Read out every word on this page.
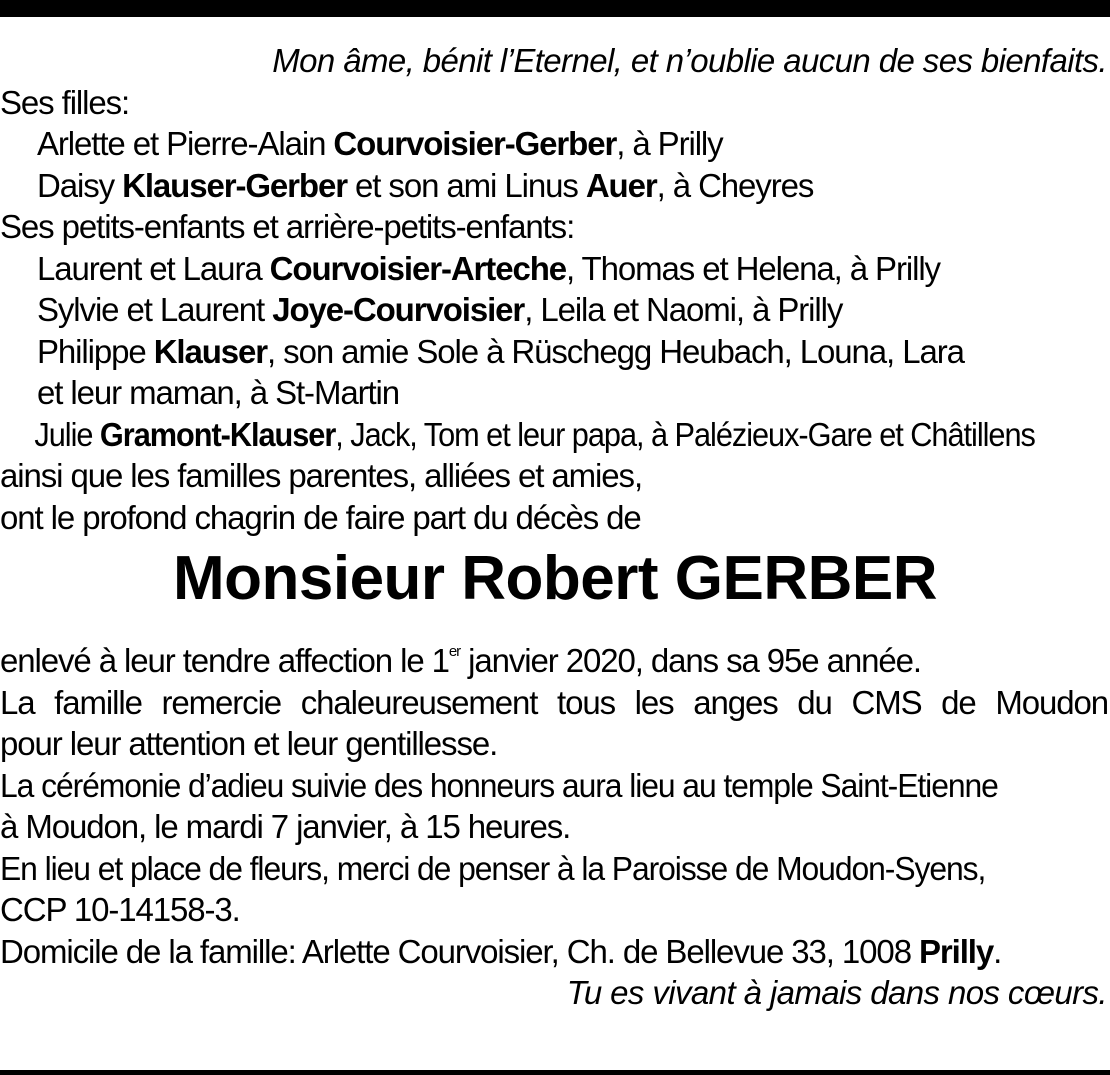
Mon âme, bénit l’Eternel, et n’oublie aucun de ses bienfaits.
Ses filles:
Arlette et Pierre-Alain Courvoisier-Gerber, à Prilly
Daisy Klauser-Gerber et son ami Linus Auer, à Cheyres
Ses petits-enfants et arrière-petits-enfants:
Laurent et Laura Courvoisier-Arteche, Thomas et Helena, à Prilly
Sylvie et Laurent Joye-Courvoisier, Leila et Naomi, à Prilly
Philippe Klauser, son amie Sole à Rüschegg Heubach, Louna, Lara
et leur maman, à St-Martin
Julie Gramont-Klauser, Jack, Tom et leur papa, à Palézieux-Gare et Châtillens
ainsi que les familles parentes, alliées et amies,
ont le profond chagrin de faire part du décès de
Monsieur Robert GERBER
enlevé à leur tendre affection le 1er janvier 2020, dans sa 95e année.
La famille remercie chaleureusement tous les anges du CMS de Moudon
pour leur attention et leur gentillesse.
La cérémonie d’adieu suivie des honneurs aura lieu au temple Saint-Etienne
à Moudon, le mardi 7 janvier, à 15 heures.
En lieu et place de fleurs, merci de penser à la Paroisse de Moudon-Syens,
CCP 10-14158-3.
Domicile de la famille: Arlette Courvoisier, Ch. de Bellevue 33, 1008 Prilly.
Tu es vivant à jamais dans nos cœurs.
